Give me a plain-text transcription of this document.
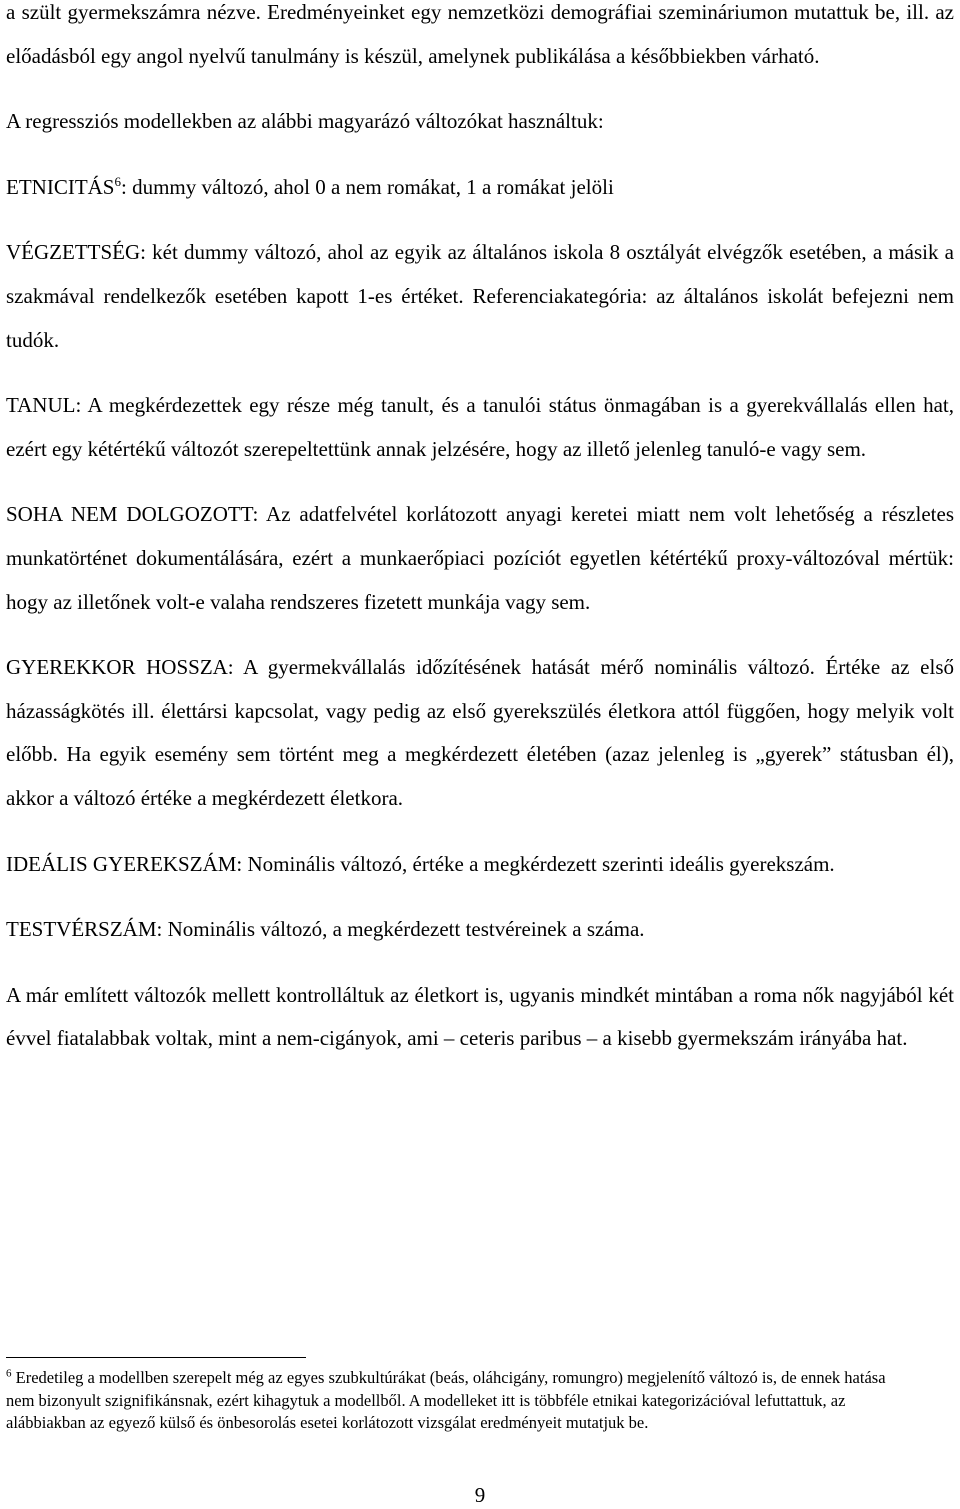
a szült gyermekszámra nézve. Eredményeinket egy nemzetközi demográfiai szemináriumon mutattuk be, ill. az előadásból egy angol nyelvű tanulmány is készül, amelynek publikálása a későbbiekben várható.

A regressziós modellekben az alábbi magyarázó változókat használtuk:

ETNICITÁS$^6$: dummy változó, ahol 0 a nem romákat, 1 a romákat jelöli

VÉGZETTSÉG: két dummy változó, ahol az egyik az általános iskola 8 osztályát elvégzők esetében, a másik a szakmával rendelkezők esetében kapott 1-es értéket. Referenciakategória: az általános iskolát befejezni nem tudók.

TANUL: A megkérdezettek egy része még tanult, és a tanulói státus önmagában is a gyerekvállalás ellen hat, ezért egy kétértékű változót szerepeltettünk annak jelzésére, hogy az illető jelenleg tanuló-e vagy sem.

SOHA NEM DOLGOZOTT: Az adatfelvétel korlátozott anyagi keretei miatt nem volt lehetőség a részletes munkatörténet dokumentálására, ezért a munkaerőpiaci pozíciót egyetlen kétértékű proxy-változóval mértük: hogy az illetőnek volt-e valaha rendszeres fizetett munkája vagy sem.

GYEREKKOR HOSSZA: A gyermekvállalás időzítésének hatását mérő nominális változó. Értéke az első házasságkötés ill. élettársi kapcsolat, vagy pedig az első gyerekszülés életkora attól függően, hogy melyik volt előbb. Ha egyik esemény sem történt meg a megkérdezett életében (azaz jelenleg is „gyerek” státusban él), akkor a változó értéke a megkérdezett életkora.

IDEÁLIS GYEREKSZÁM: Nominális változó, értéke a megkérdezett szerinti ideális gyerekszám.

TESTVÉRSZÁM: Nominális változó, a megkérdezett testvéreinek a száma.

A már említett változók mellett kontrolláltuk az életkort is, ugyanis mindkét mintában a roma nők nagyjából két évvel fiatalabbak voltak, mint a nem-cigányok, ami – ceteris paribus – a kisebb gyermekszám irányába hat.

$^6$ Eredetileg a modellben szerepelt még az egyes szubkultúrákat (beás, oláhcigány, romungro) megjelenítő változó is, de ennek hatása nem bizonyult szignifikánsnak, ezért kihagytuk a modellből. A modelleket itt is többféle etnikai kategorizációval lefuttattuk, az alábbiakban az egyező külső és önbesorolás esetei korlátozott vizsgálat eredményeit mutatjuk be.

9
